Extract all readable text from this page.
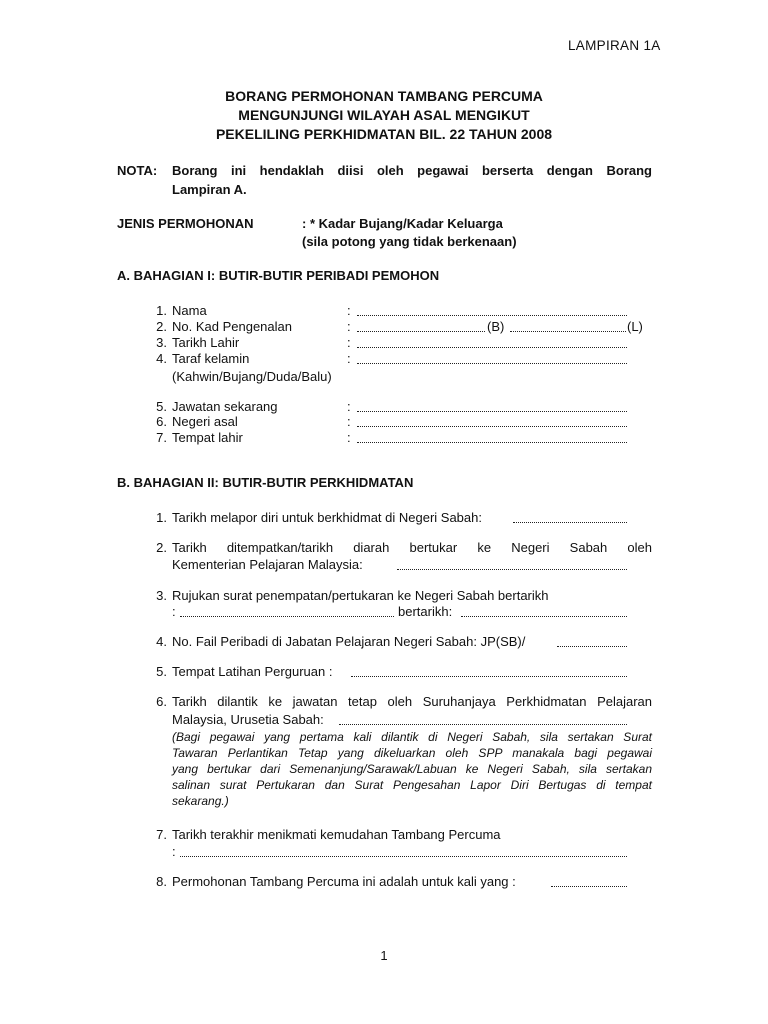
LAMPIRAN 1A
BORANG PERMOHONAN TAMBANG PERCUMA
MENGUNJUNGI WILAYAH ASAL MENGIKUT
PEKELILING PERKHIDMATAN BIL. 22 TAHUN 2008
NOTA: Borang ini hendaklah diisi oleh pegawai berserta dengan Borang
Lampiran A.
JENIS PERMOHONAN	: * Kadar Bujang/Kadar Keluarga
(sila potong yang tidak berkenaan)
A. BAHAGIAN I: BUTIR-BUTIR PERIBADI PEMOHON
1. Nama	:
2. No. Kad Pengenalan	:	(B)	(L)
3. Tarikh Lahir	:
4. Taraf kelamin	:
(Kahwin/Bujang/Duda/Balu)
5. Jawatan sekarang	:
6. Negeri asal	:
7. Tempat lahir	:
B. BAHAGIAN II: BUTIR-BUTIR PERKHIDMATAN
1. Tarikh melapor diri untuk berkhidmat di Negeri Sabah:
2. Tarikh ditempatkan/tarikh diarah bertukar ke Negeri Sabah oleh
Kementerian Pelajaran Malaysia:
3. Rujukan surat penempatan/pertukaran ke Negeri Sabah bertarikh
:	bertarikh:
4. No. Fail Peribadi di Jabatan Pelajaran Negeri Sabah: JP(SB)/
5. Tempat Latihan Perguruan :
6. Tarikh dilantik ke jawatan tetap oleh Suruhanjaya Perkhidmatan Pelajaran
Malaysia, Urusetia Sabah:
(Bagi pegawai yang pertama kali dilantik di Negeri Sabah, sila sertakan Surat
Tawaran Perlantikan Tetap yang dikeluarkan oleh SPP manakala bagi pegawai
yang bertukar dari Semenanjung/Sarawak/Labuan ke Negeri Sabah, sila sertakan
salinan surat Pertukaran dan Surat Pengesahan Lapor Diri Bertugas di tempat
sekarang.)
7. Tarikh terakhir menikmati kemudahan Tambang Percuma
:
8. Permohonan Tambang Percuma ini adalah untuk kali yang :
1
